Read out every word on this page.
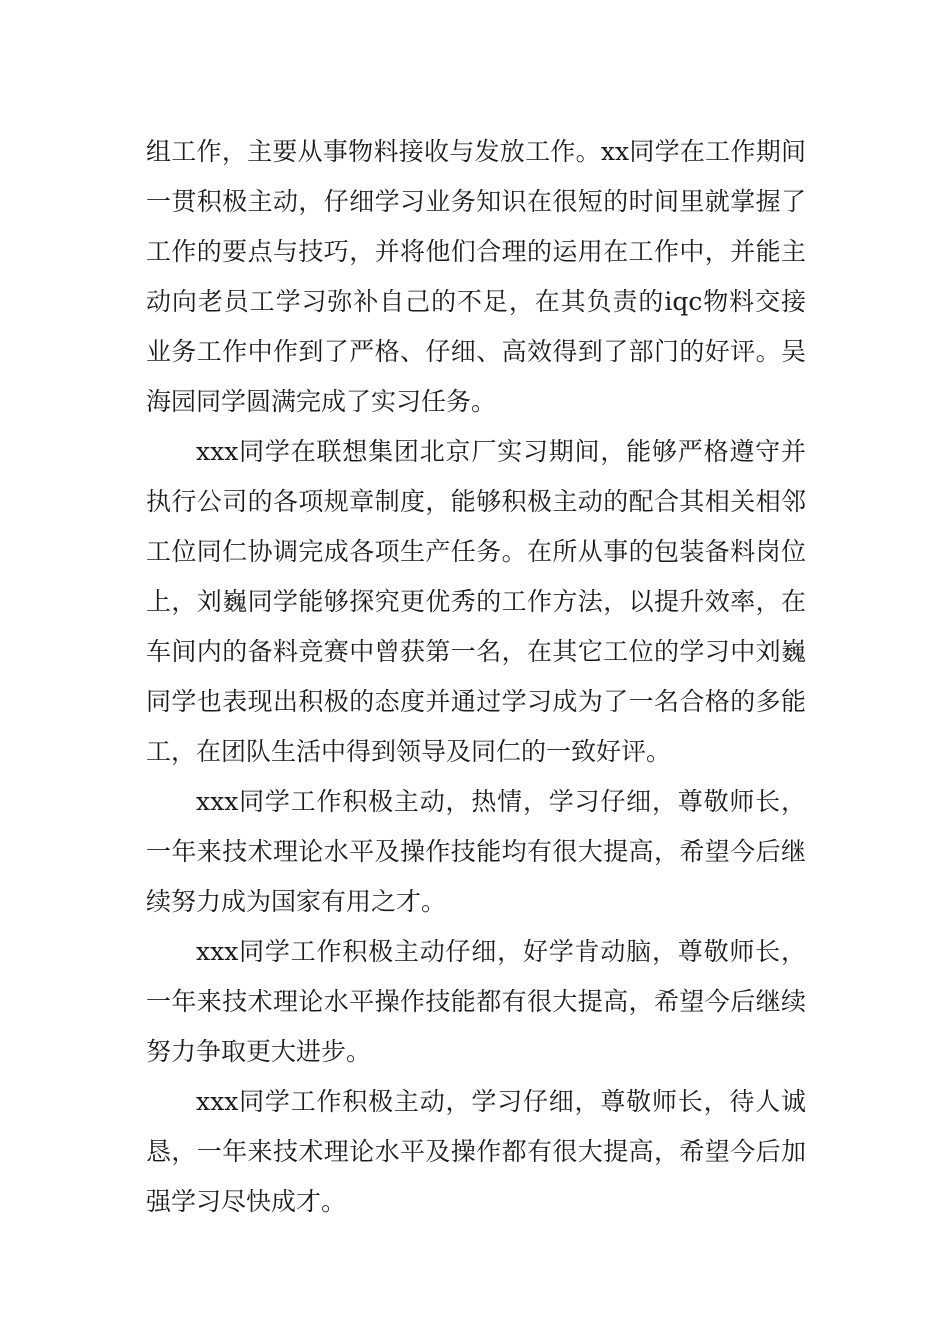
组工作，主要从事物料接收与发放工作。xx同学在工作期间一贯积极主动，仔细学习业务知识在很短的时间里就掌握了工作的要点与技巧，并将他们合理的运用在工作中，并能主动向老员工学习弥补自己的不足，在其负责的iqc物料交接业务工作中作到了严格、仔细、高效得到了部门的好评。吴海园同学圆满完成了实习任务。

xxx同学在联想集团北京厂实习期间，能够严格遵守并执行公司的各项规章制度，能够积极主动的配合其相关相邻工位同仁协调完成各项生产任务。在所从事的包装备料岗位上，刘巍同学能够探究更优秀的工作方法，以提升效率，在车间内的备料竞赛中曾获第一名，在其它工位的学习中刘巍同学也表现出积极的态度并通过学习成为了一名合格的多能工，在团队生活中得到领导及同仁的一致好评。

xxx同学工作积极主动，热情，学习仔细，尊敬师长，一年来技术理论水平及操作技能均有很大提高，希望今后继续努力成为国家有用之才。

xxx同学工作积极主动仔细，好学肯动脑，尊敬师长，一年来技术理论水平操作技能都有很大提高，希望今后继续努力争取更大进步。

xxx同学工作积极主动，学习仔细，尊敬师长，待人诚恳，一年来技术理论水平及操作都有很大提高，希望今后加强学习尽快成才。
